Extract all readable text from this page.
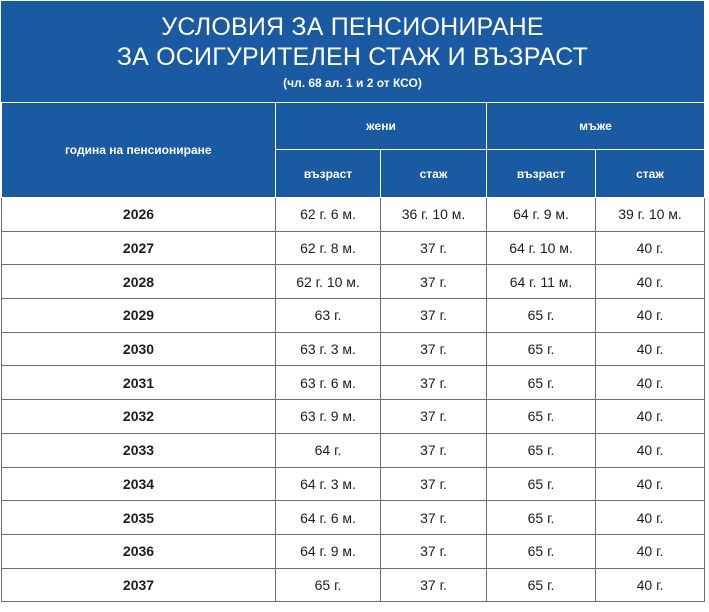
УСЛОВИЯ ЗА ПЕНСИОНИРАНЕ
ЗА ОСИГУРИТЕЛЕН СТАЖ И ВЪЗРАСТ
(чл. 68 ал. 1 и 2 от КСО)
година на пенсиониране	жени		мъже	
	възраст	стаж	възраст	стаж
2026	62 г. 6 м.	36 г. 10 м.	64 г. 9 м.	39 г. 10 м.
2027	62 г. 8 м.	37 г.	64 г. 10 м.	40 г.
2028	62 г. 10 м.	37 г.	64 г. 11 м.	40 г.
2029	63 г.	37 г.	65 г.	40 г.
2030	63 г. 3 м.	37 г.	65 г.	40 г.
2031	63 г. 6 м.	37 г.	65 г.	40 г.
2032	63 г. 9 м.	37 г.	65 г.	40 г.
2033	64 г.	37 г.	65 г.	40 г.
2034	64 г. 3 м.	37 г.	65 г.	40 г.
2035	64 г. 6 м.	37 г.	65 г.	40 г.
2036	64 г. 9 м.	37 г.	65 г.	40 г.
2037	65 г.	37 г.	65 г.	40 г.
